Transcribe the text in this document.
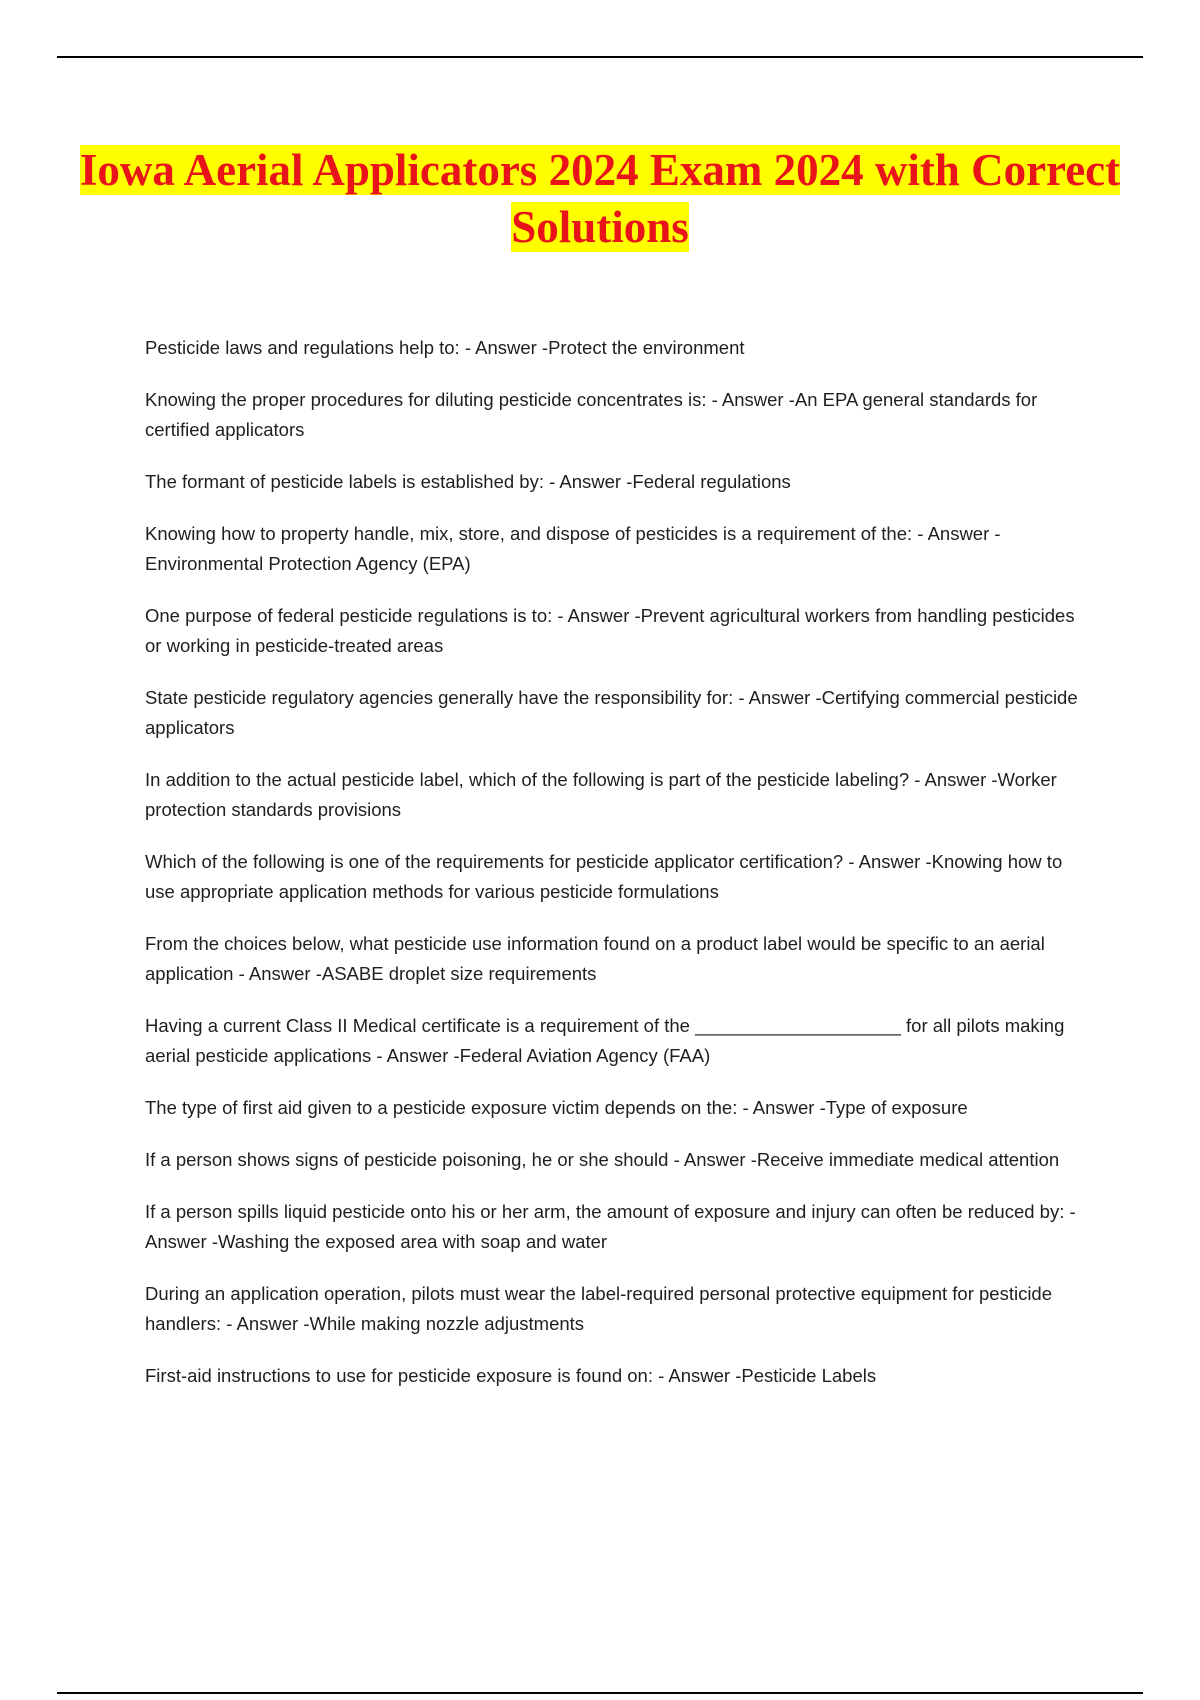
Iowa Aerial Applicators 2024 Exam 2024 with Correct Solutions

Pesticide laws and regulations help to: - Answer -Protect the environment

Knowing the proper procedures for diluting pesticide concentrates is: - Answer -An EPA general standards for certified applicators

The formant of pesticide labels is established by: - Answer -Federal regulations

Knowing how to property handle, mix, store, and dispose of pesticides is a requirement of the: - Answer -Environmental Protection Agency (EPA)

One purpose of federal pesticide regulations is to: - Answer -Prevent agricultural workers from handling pesticides or working in pesticide-treated areas

State pesticide regulatory agencies generally have the responsibility for: - Answer -Certifying commercial pesticide applicators

In addition to the actual pesticide label, which of the following is part of the pesticide labeling? - Answer -Worker protection standards provisions

Which of the following is one of the requirements for pesticide applicator certification? - Answer -Knowing how to use appropriate application methods for various pesticide formulations

From the choices below, what pesticide use information found on a product label would be specific to an aerial application - Answer -ASABE droplet size requirements

Having a current Class II Medical certificate is a requirement of the ____________________ for all pilots making aerial pesticide applications - Answer -Federal Aviation Agency (FAA)

The type of first aid given to a pesticide exposure victim depends on the: - Answer -Type of exposure

If a person shows signs of pesticide poisoning, he or she should - Answer -Receive immediate medical attention

If a person spills liquid pesticide onto his or her arm, the amount of exposure and injury can often be reduced by: - Answer -Washing the exposed area with soap and water

During an application operation, pilots must wear the label-required personal protective equipment for pesticide handlers: - Answer -While making nozzle adjustments

First-aid instructions to use for pesticide exposure is found on: - Answer -Pesticide Labels
